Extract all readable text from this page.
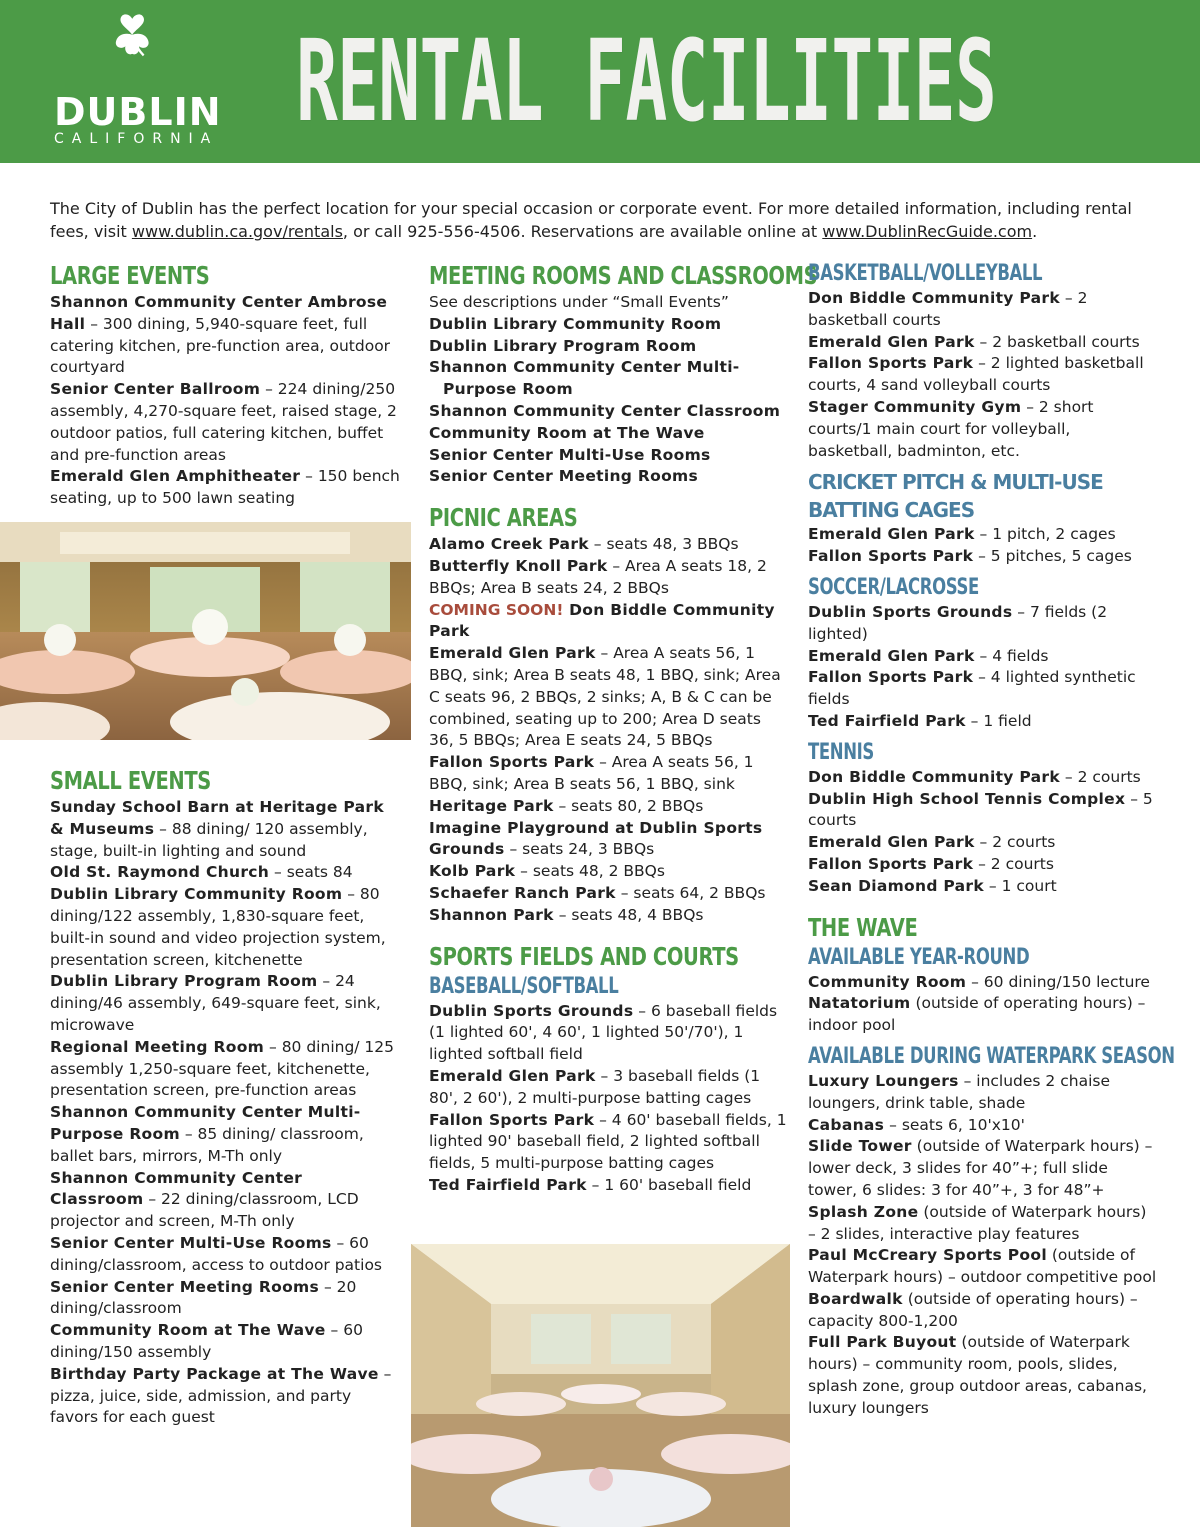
DUBLIN
CALIFORNIA RENTAL FACILITIES
The City of Dublin has the perfect location for your special occasion or corporate event. For more detailed information, including rental fees, visit www.dublin.ca.gov/rentals, or call 925-556-4506. Reservations are available online at www.DublinRecGuide.com.
LARGE EVENTS
Shannon Community Center Ambrose Hall – 300 dining, 5,940-square feet, full catering kitchen, pre-function area, outdoor courtyard
Senior Center Ballroom – 224 dining/250 assembly, 4,270-square feet, raised stage, 2 outdoor patios, full catering kitchen, buffet and pre-function areas
Emerald Glen Amphitheater – 150 bench seating, up to 500 lawn seating
SMALL EVENTS
Sunday School Barn at Heritage Park & Museums – 88 dining/ 120 assembly, stage, built-in lighting and sound
Old St. Raymond Church – seats 84
Dublin Library Community Room – 80 dining/122 assembly, 1,830-square feet, built-in sound and video projection system, presentation screen, kitchenette
Dublin Library Program Room – 24 dining/46 assembly, 649-square feet, sink, microwave
Regional Meeting Room – 80 dining/ 125 assembly 1,250-square feet, kitchenette, presentation screen, pre-function areas
Shannon Community Center Multi-Purpose Room – 85 dining/ classroom, ballet bars, mirrors, M-Th only
Shannon Community Center Classroom – 22 dining/classroom, LCD projector and screen, M-Th only
Senior Center Multi-Use Rooms – 60 dining/classroom, access to outdoor patios
Senior Center Meeting Rooms – 20 dining/classroom
Community Room at The Wave – 60 dining/150 assembly
Birthday Party Package at The Wave – pizza, juice, side, admission, and party favors for each guest
MEETING ROOMS AND CLASSROOMS
See descriptions under “Small Events”
Dublin Library Community Room
Dublin Library Program Room
Shannon Community Center Multi-Purpose Room
Shannon Community Center Classroom
Community Room at The Wave
Senior Center Multi-Use Rooms
Senior Center Meeting Rooms
PICNIC AREAS
Alamo Creek Park – seats 48, 3 BBQs
Butterfly Knoll Park – Area A seats 18, 2 BBQs; Area B seats 24, 2 BBQs
COMING SOON! Don Biddle Community Park
Emerald Glen Park – Area A seats 56, 1 BBQ, sink; Area B seats 48, 1 BBQ, sink; Area C seats 96, 2 BBQs, 2 sinks; A, B & C can be combined, seating up to 200; Area D seats 36, 5 BBQs; Area E seats 24, 5 BBQs
Fallon Sports Park – Area A seats 56, 1 BBQ, sink; Area B seats 56, 1 BBQ, sink
Heritage Park – seats 80, 2 BBQs
Imagine Playground at Dublin Sports Grounds – seats 24, 3 BBQs
Kolb Park – seats 48, 2 BBQs
Schaefer Ranch Park – seats 64, 2 BBQs
Shannon Park – seats 48, 4 BBQs
SPORTS FIELDS AND COURTS
BASEBALL/SOFTBALL
Dublin Sports Grounds – 6 baseball fields (1 lighted 60', 4 60', 1 lighted 50'/70'), 1 lighted softball field
Emerald Glen Park – 3 baseball fields (1 80', 2 60'), 2 multi-purpose batting cages
Fallon Sports Park – 4 60' baseball fields, 1 lighted 90' baseball field, 2 lighted softball fields, 5 multi-purpose batting cages
Ted Fairfield Park – 1 60' baseball field
BASKETBALL/VOLLEYBALL
Don Biddle Community Park – 2 basketball courts
Emerald Glen Park – 2 basketball courts
Fallon Sports Park – 2 lighted basketball courts, 4 sand volleyball courts
Stager Community Gym – 2 short courts/1 main court for volleyball, basketball, badminton, etc.
CRICKET PITCH & MULTI-USE BATTING CAGES
Emerald Glen Park – 1 pitch, 2 cages
Fallon Sports Park – 5 pitches, 5 cages
SOCCER/LACROSSE
Dublin Sports Grounds – 7 fields (2 lighted)
Emerald Glen Park – 4 fields
Fallon Sports Park – 4 lighted synthetic fields
Ted Fairfield Park – 1 field
TENNIS
Don Biddle Community Park – 2 courts
Dublin High School Tennis Complex – 5 courts
Emerald Glen Park – 2 courts
Fallon Sports Park – 2 courts
Sean Diamond Park – 1 court
THE WAVE
AVAILABLE YEAR-ROUND
Community Room – 60 dining/150 lecture
Natatorium (outside of operating hours) – indoor pool
AVAILABLE DURING WATERPARK SEASON
Luxury Loungers – includes 2 chaise loungers, drink table, shade
Cabanas – seats 6, 10'x10'
Slide Tower (outside of Waterpark hours) – lower deck, 3 slides for 40”+; full slide tower, 6 slides: 3 for 40”+, 3 for 48”+
Splash Zone (outside of Waterpark hours) – 2 slides, interactive play features
Paul McCreary Sports Pool (outside of Waterpark hours) – outdoor competitive pool
Boardwalk (outside of operating hours) – capacity 800-1,200
Full Park Buyout (outside of Waterpark hours) – community room, pools, slides, splash zone, group outdoor areas, cabanas, luxury loungers
